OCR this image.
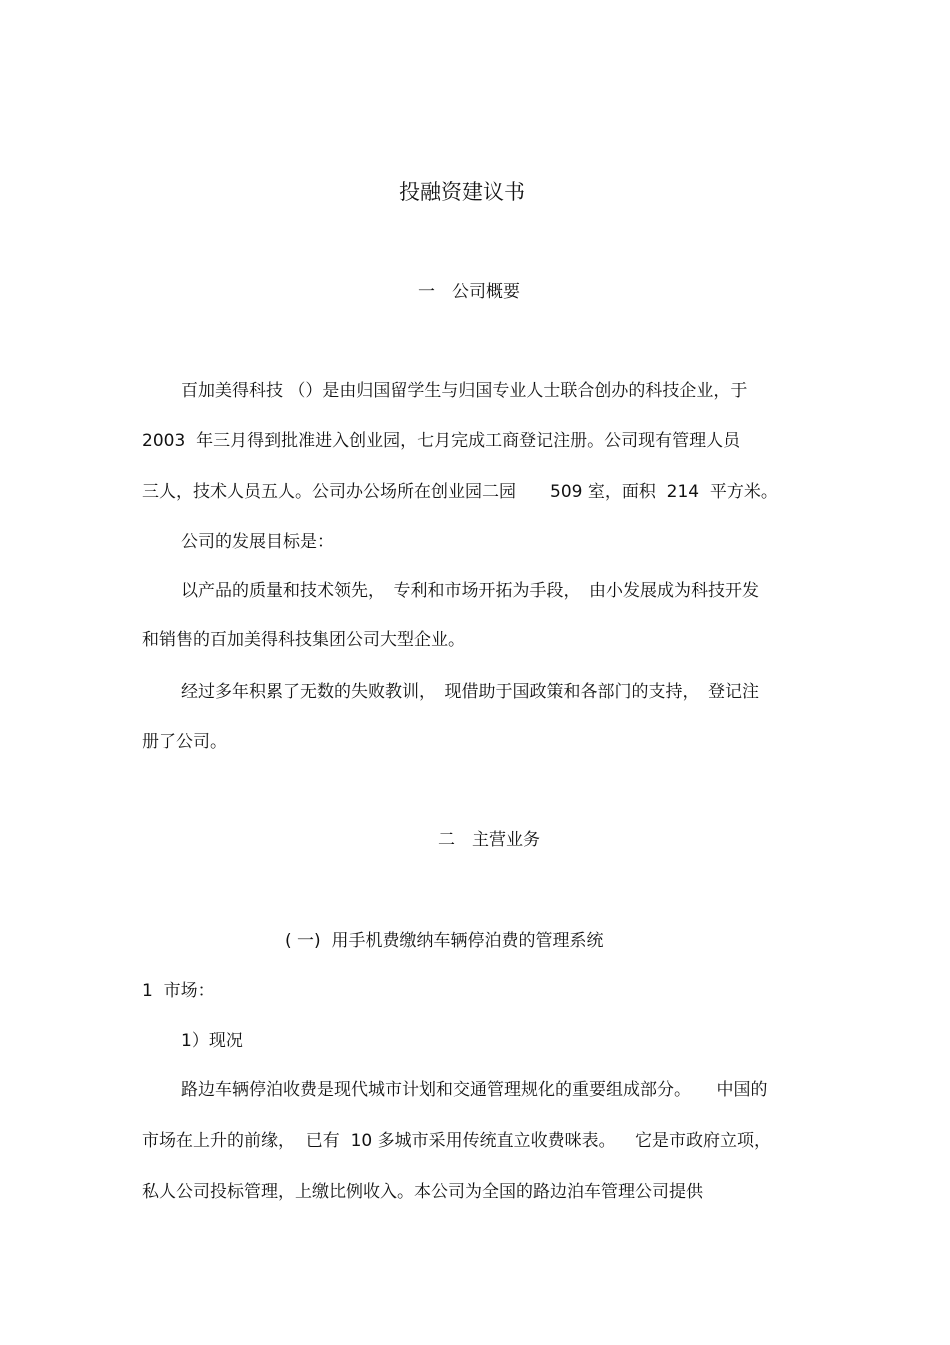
投融资建议书
一　公司概要
百加美得科技 （）是由归国留学生与归国专业人士联合创办的科技企业，于
2003  年三月得到批准进入创业园，七月完成工商登记注册。公司现有管理人员
三人，技术人员五人。公司办公场所在创业园二园　　509 室，面积  214  平方米。
公司的发展目标是：
以产品的质量和技术领先，　专利和市场开拓为手段，　由小发展成为科技开发
和销售的百加美得科技集团公司大型企业。
经过多年积累了无数的失败教训，　现借助于国政策和各部门的支持，　登记注
册了公司。
二　主营业务
( 一)  用手机费缴纳车辆停泊费的管理系统
1  市场：
1）现况
路边车辆停泊收费是现代城市计划和交通管理规化的重要组成部分。　　中国的
市场在上升的前缘，  已有  10 多城市采用传统直立收费咪表。　  它是市政府立项，
私人公司投标管理，上缴比例收入。本公司为全国的路边泊车管理公司提供
